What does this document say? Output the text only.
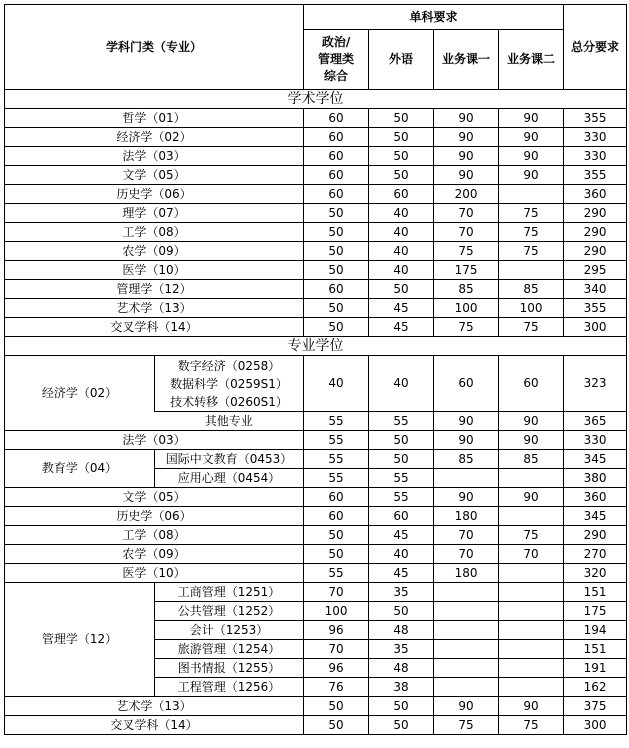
学科门类（专业）		单科要求				总分要求
		政治/
管理类
综合	外语	业务课一	业务课二	
学术学位						
哲学（01）		60	50	90	90	355
经济学（02）		60	50	90	90	330
法学（03）		60	50	90	90	330
文学（05）		60	50	90	90	355
历史学（06）		60	60	200		360
理学（07）		50	40	70	75	290
工学（08）		50	40	70	75	290
农学（09）		50	40	75	75	290
医学（10）		50	40	175		295
管理学（12）		60	50	85	85	340
艺术学（13）		50	45	100	100	355
交叉学科（14）		50	45	75	75	300
专业学位						
经济学（02）	数字经济（0258）
数据科学（0259S1）
技术转移（0260S1）	40	40	60	60	323
	其他专业	55	55	90	90	365
法学（03）		55	50	90	90	330
教育学（04）	国际中文教育（0453）	55	50	85	85	345
	应用心理（0454）	55	55			380
文学（05）		60	55	90	90	360
历史学（06）		60	60	180		345
工学（08）		50	45	70	75	290
农学（09）		50	40	70	70	270
医学（10）		55	45	180		320
管理学（12）	工商管理（1251）	70	35			151
	公共管理（1252）	100	50			175
	会计（1253）	96	48			194
	旅游管理（1254）	70	35			151
	图书情报（1255）	96	48			191
	工程管理（1256）	76	38			162
艺术学（13）		50	50	90	90	375
交叉学科（14）		50	50	75	75	300
